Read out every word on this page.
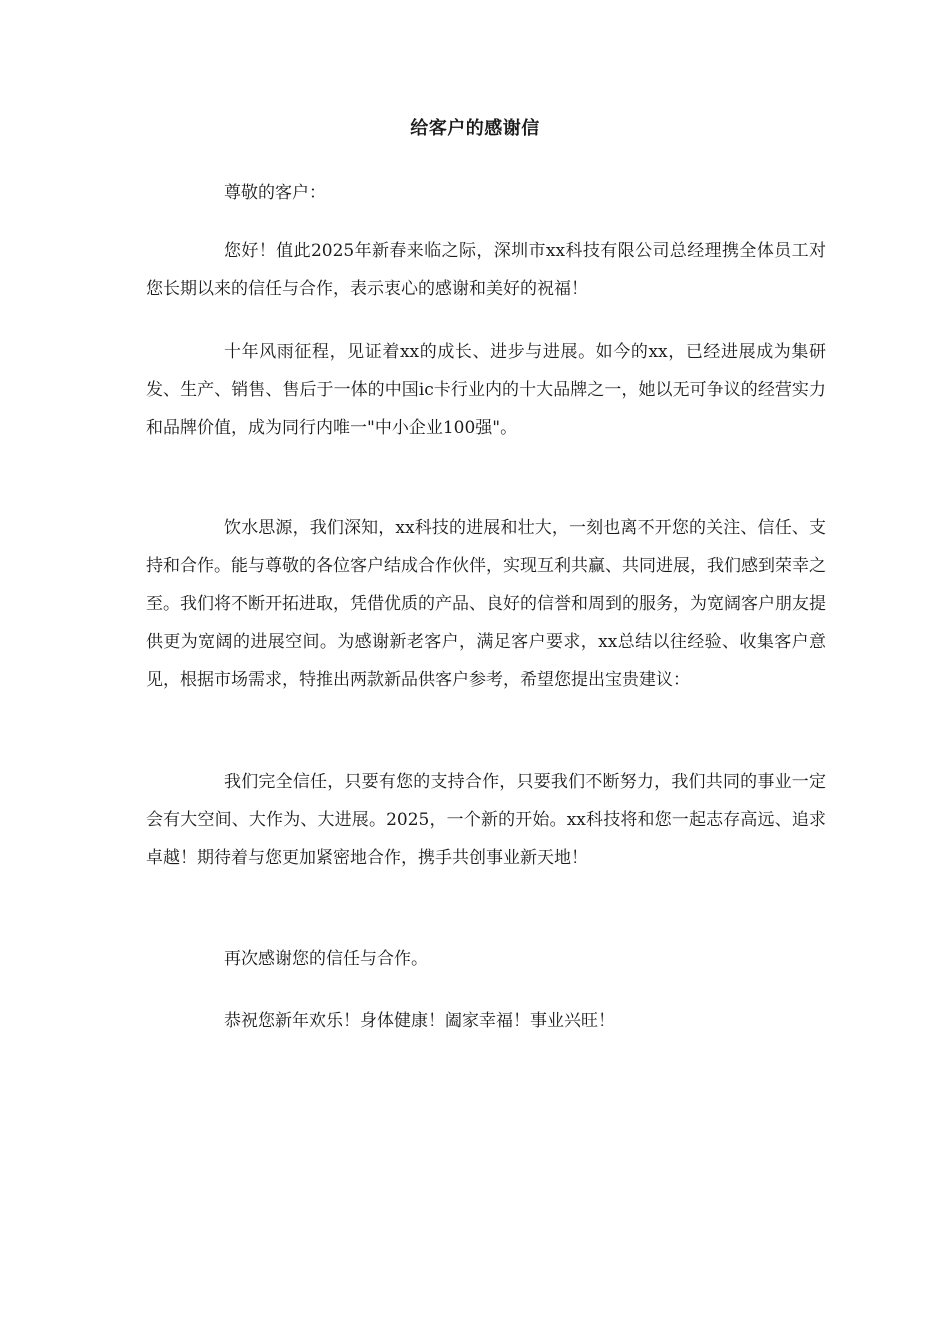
给客户的感谢信

尊敬的客户：

您好！值此2025年新春来临之际，深圳市xx科技有限公司总经理携全体员工对您长期以来的信任与合作，表示衷心的感谢和美好的祝福！

十年风雨征程，见证着xx的成长、进步与进展。如今的xx，已经进展成为集研发、生产、销售、售后于一体的中国ic卡行业内的十大品牌之一，她以无可争议的经营实力和品牌价值，成为同行内唯一"中小企业100强"。

饮水思源，我们深知，xx科技的进展和壮大，一刻也离不开您的关注、信任、支持和合作。能与尊敬的各位客户结成合作伙伴，实现互利共赢、共同进展，我们感到荣幸之至。我们将不断开拓进取，凭借优质的产品、良好的信誉和周到的服务，为宽阔客户朋友提供更为宽阔的进展空间。为感谢新老客户，满足客户要求，xx总结以往经验、收集客户意见，根据市场需求，特推出两款新品供客户参考，希望您提出宝贵建议：

我们完全信任，只要有您的支持合作，只要我们不断努力，我们共同的事业一定会有大空间、大作为、大进展。2025，一个新的开始。xx科技将和您一起志存高远、追求卓越！期待着与您更加紧密地合作，携手共创事业新天地！

再次感谢您的信任与合作。

恭祝您新年欢乐！身体健康！阖家幸福！事业兴旺！
